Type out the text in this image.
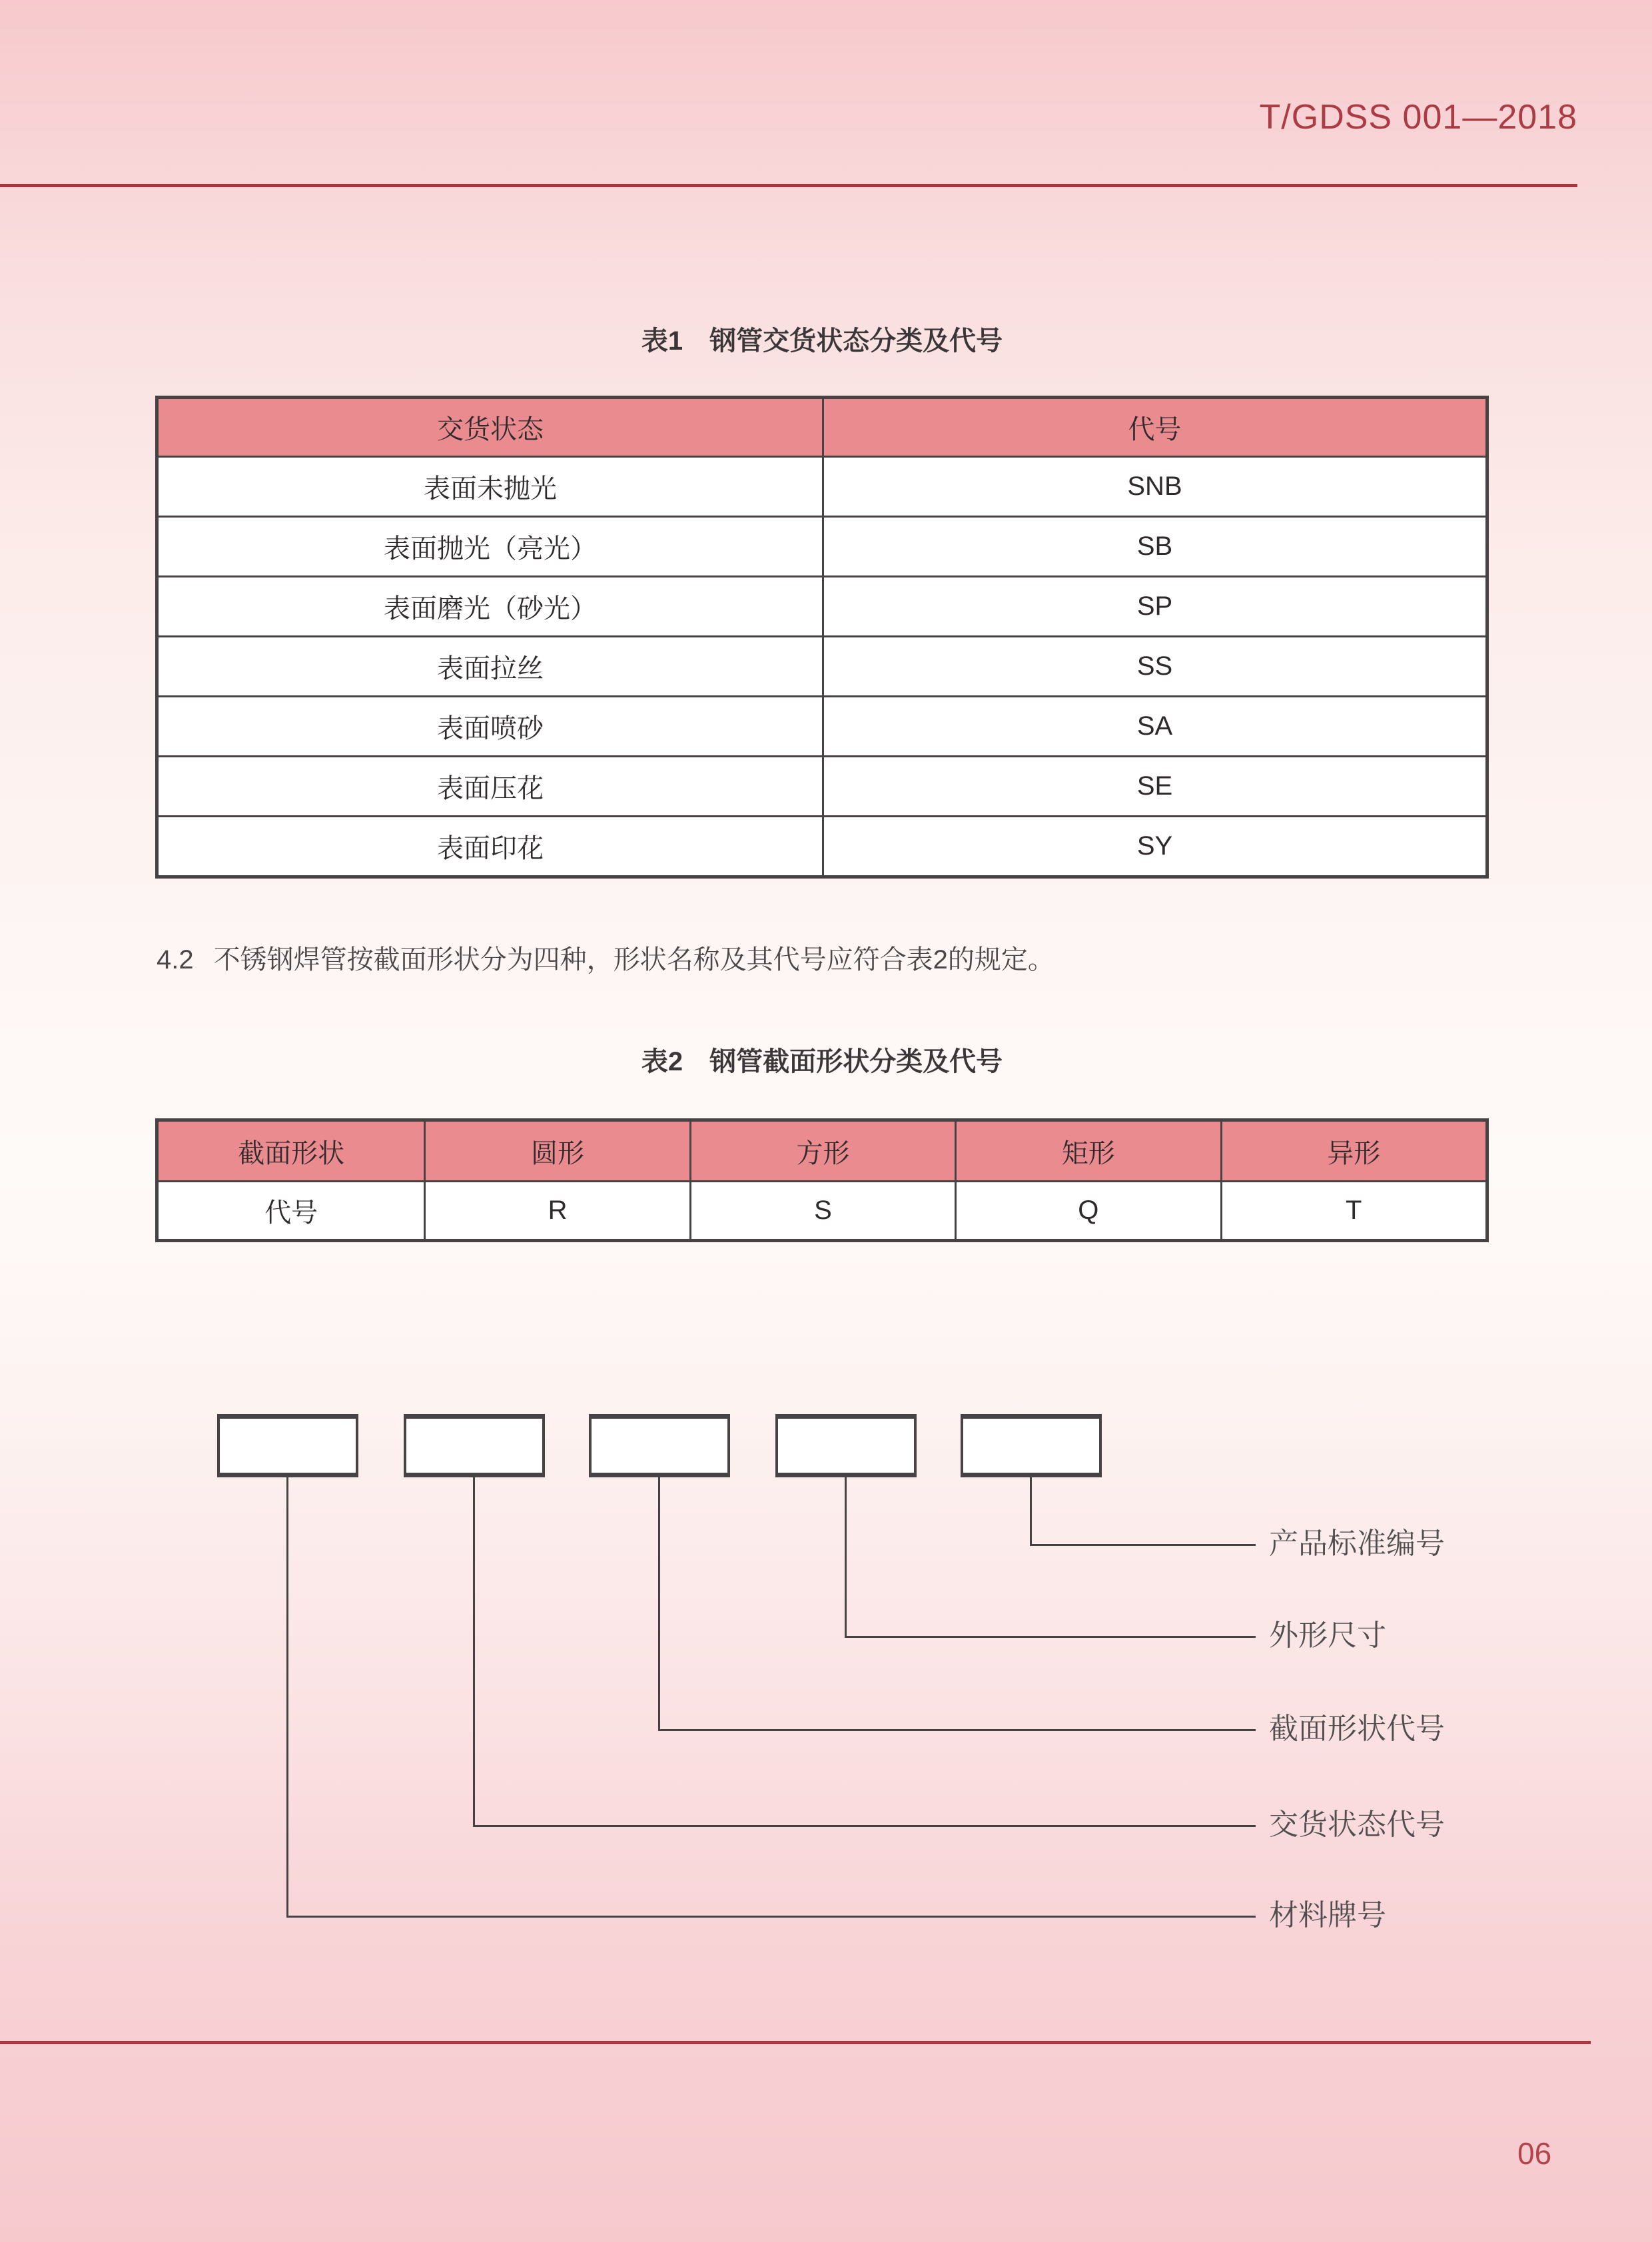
T/GDSS 001—2018
表1　钢管交货状态分类及代号
交货状态	代号
表面未抛光	SNB
表面抛光（亮光）	SB
表面磨光（砂光）	SP
表面拉丝	SS
表面喷砂	SA
表面压花	SE
表面印花	SY
4.2 不锈钢焊管按截面形状分为四种，形状名称及其代号应符合表2的规定。
表2　钢管截面形状分类及代号
截面形状	圆形	方形	矩形	异形
代号	R	S	Q	T
产品标准编号
外形尺寸
截面形状代号
交货状态代号
材料牌号
06
